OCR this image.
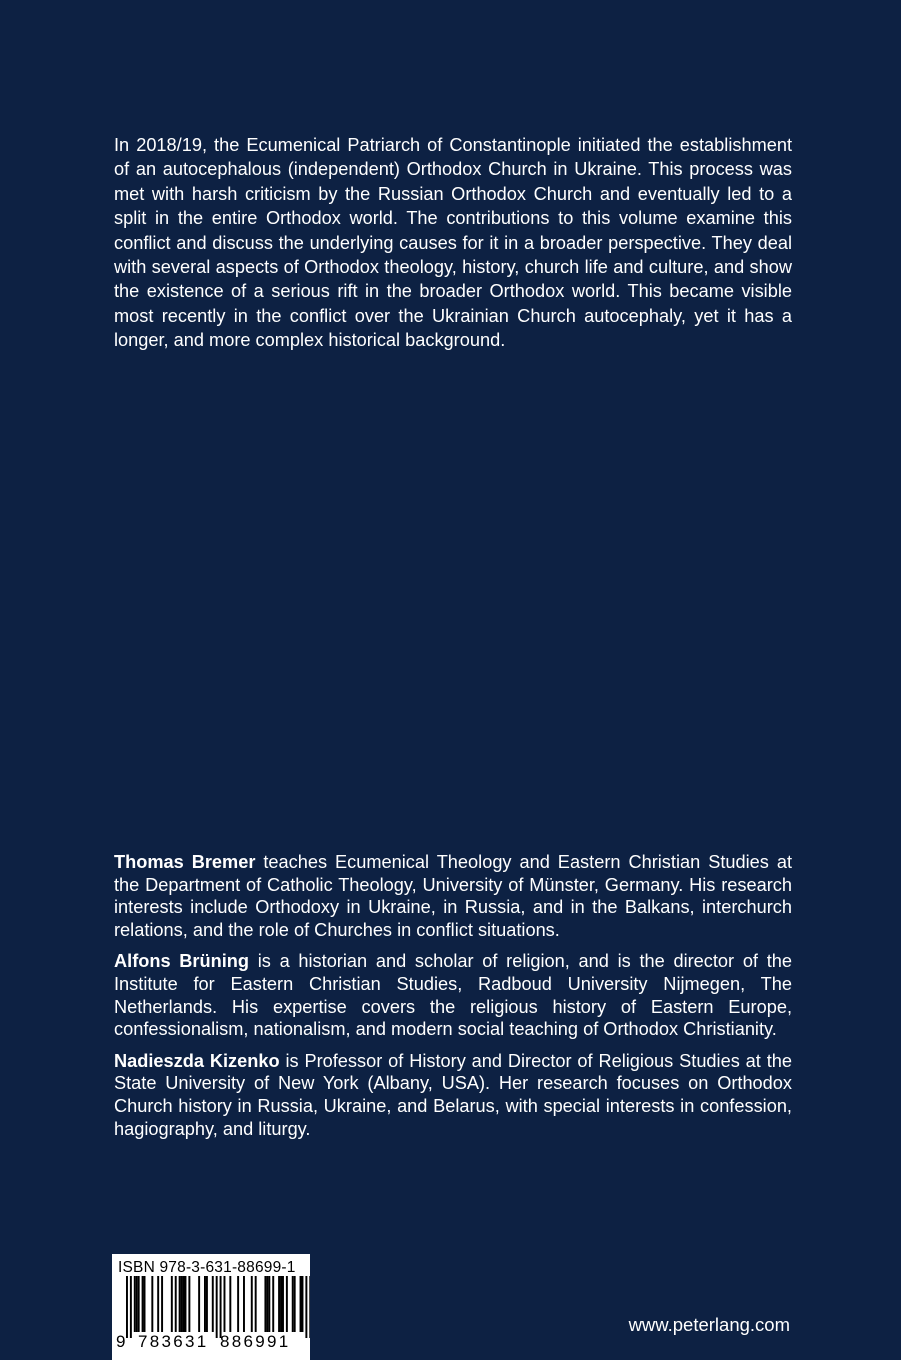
In 2018/19, the Ecumenical Patriarch of Constantinople initiated the establishment of an autocephalous (independent) Orthodox Church in Ukraine. This process was met with harsh criticism by the Russian Orthodox Church and eventually led to a split in the entire Orthodox world. The contributions to this volume examine this conflict and discuss the underlying causes for it in a broader perspective. They deal with several aspects of Orthodox theology, history, church life and culture, and show the existence of a serious rift in the broader Orthodox world. This became visible most recently in the conflict over the Ukrainian Church autocephaly, yet it has a longer, and more complex historical background.

Thomas Bremer teaches Ecumenical Theology and Eastern Christian Studies at the Department of Catholic Theology, University of Münster, Germany. His research interests include Orthodoxy in Ukraine, in Russia, and in the Balkans, interchurch relations, and the role of Churches in conflict situations.

Alfons Brüning is a historian and scholar of religion, and is the director of the Institute for Eastern Christian Studies, Radboud University Nijmegen, The Netherlands. His expertise covers the religious history of Eastern Europe, confessionalism, nationalism, and modern social teaching of Orthodox Christianity.

Nadieszda Kizenko is Professor of History and Director of Religious Studies at the State University of New York (Albany, USA). Her research focuses on Orthodox Church history in Russia, Ukraine, and Belarus, with special interests in confession, hagiography, and liturgy.

ISBN 978-3-631-88699-1
9 783631 886991
www.peterlang.com
